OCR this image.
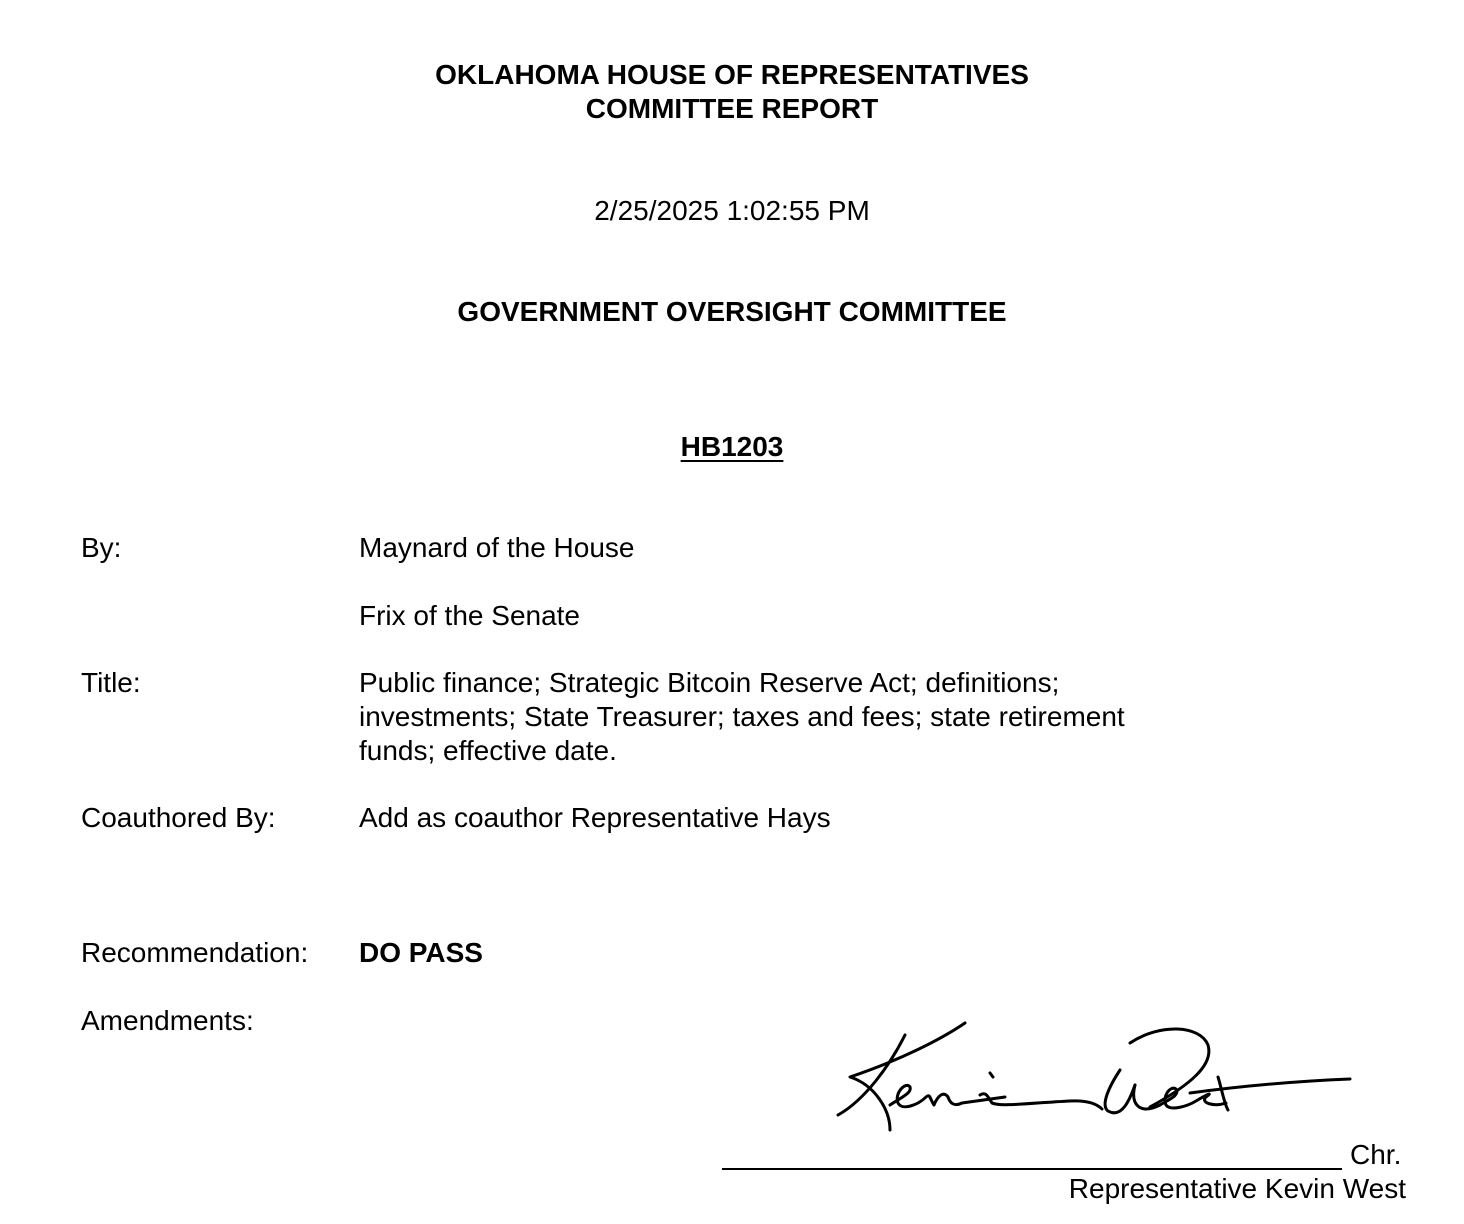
OKLAHOMA HOUSE OF REPRESENTATIVES
COMMITTEE REPORT
2/25/2025 1:02:55 PM
GOVERNMENT OVERSIGHT COMMITTEE
HB1203
By:	Maynard of the House
Frix of the Senate
Title:	Public finance; Strategic Bitcoin Reserve Act; definitions;
investments; State Treasurer; taxes and fees; state retirement
funds; effective date.
Coauthored By:	Add as coauthor Representative Hays
Recommendation: DO PASS
Amendments:
Chr.
Representative Kevin West
